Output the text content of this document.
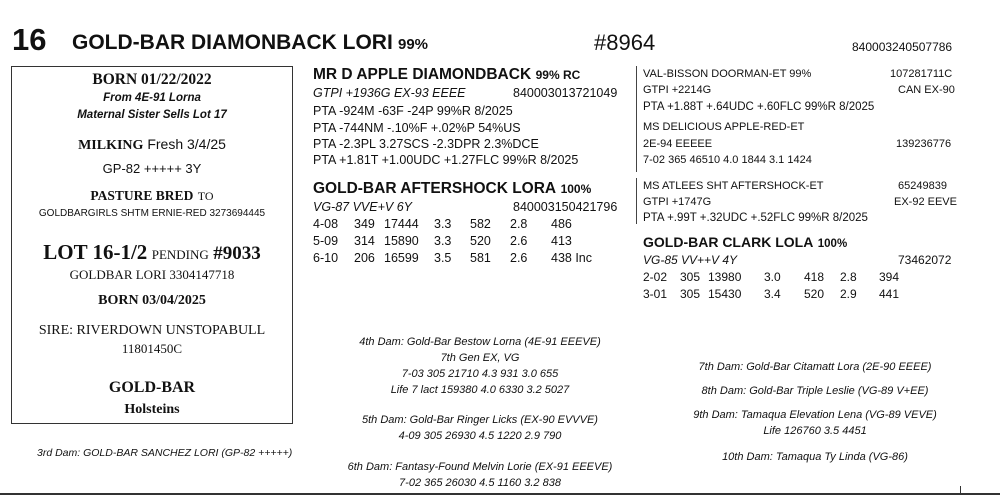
16 GOLD-BAR DIAMONBACK LORI 99%	#8964	840003240507786
BORN 01/22/2022
From 4E-91 Lorna
Maternal Sister Sells Lot 17
MILKING Fresh 3/4/25
GP-82 +++++ 3Y
PASTURE BRED TO
GOLDBARGIRLS SHTM ERNIE-RED 3273694445
LOT 16-1/2 PENDING #9033
GOLDBAR LORI 3304147718
BORN 03/04/2025
SIRE: RIVERDOWN UNSTOPABULL
11801450C
GOLD-BAR
Holsteins
MR D APPLE DIAMONDBACK 99% RC
GTPI +1936G EX-93 EEEE	840003013721049
PTA -924M -63F -24P 99%R 8/2025
PTA -744NM -.10%F +.02%P 54%US
PTA -2.3PL 3.27SCS -2.3DPR 2.3%DCE
PTA +1.81T +1.00UDC +1.27FLC 99%R 8/2025
GOLD-BAR AFTERSHOCK LORA 100%
VG-87 VVE+V 6Y	840003150421796
4-08 349 17444 3.3 582 2.8 486
5-09 314 15890 3.3 520 2.6 413
6-10 206 16599 3.5 581 2.6 438 Inc
VAL-BISSON DOORMAN-ET 99%	107281711C
GTPI +2214G	CAN EX-90
PTA +1.88T +.64UDC +.60FLC 99%R 8/2025
MS DELICIOUS APPLE-RED-ET
2E-94 EEEEE	139236776
7-02 365 46510 4.0 1844 3.1 1424
MS ATLEES SHT AFTERSHOCK-ET	65249839
GTPI +1747G	EX-92 EEVE
PTA +.99T +.32UDC +.52FLC 99%R 8/2025
GOLD-BAR CLARK LOLA 100%
VG-85 VV++V 4Y	73462072
2-02 305 13980 3.0 418 2.8 394
3-01 305 15430 3.4 520 2.9 441
4th Dam: Gold-Bar Bestow Lorna (4E-91 EEEVE)
7th Gen EX, VG
7-03 305 21710 4.3 931 3.0 655
Life 7 lact 159380 4.0 6330 3.2 5027
5th Dam: Gold-Bar Ringer Licks (EX-90 EVVVE)
4-09 305 26930 4.5 1220 2.9 790
6th Dam: Fantasy-Found Melvin Lorie (EX-91 EEEVE)
7-02 365 26030 4.5 1160 3.2 838
7th Dam: Gold-Bar Citamatt Lora (2E-90 EEEE)
8th Dam: Gold-Bar Triple Leslie (VG-89 V+EE)
9th Dam: Tamaqua Elevation Lena (VG-89 VEVE)
Life 126760 3.5 4451
10th Dam: Tamaqua Ty Linda (VG-86)
3rd Dam: GOLD-BAR SANCHEZ LORI (GP-82 +++++)
